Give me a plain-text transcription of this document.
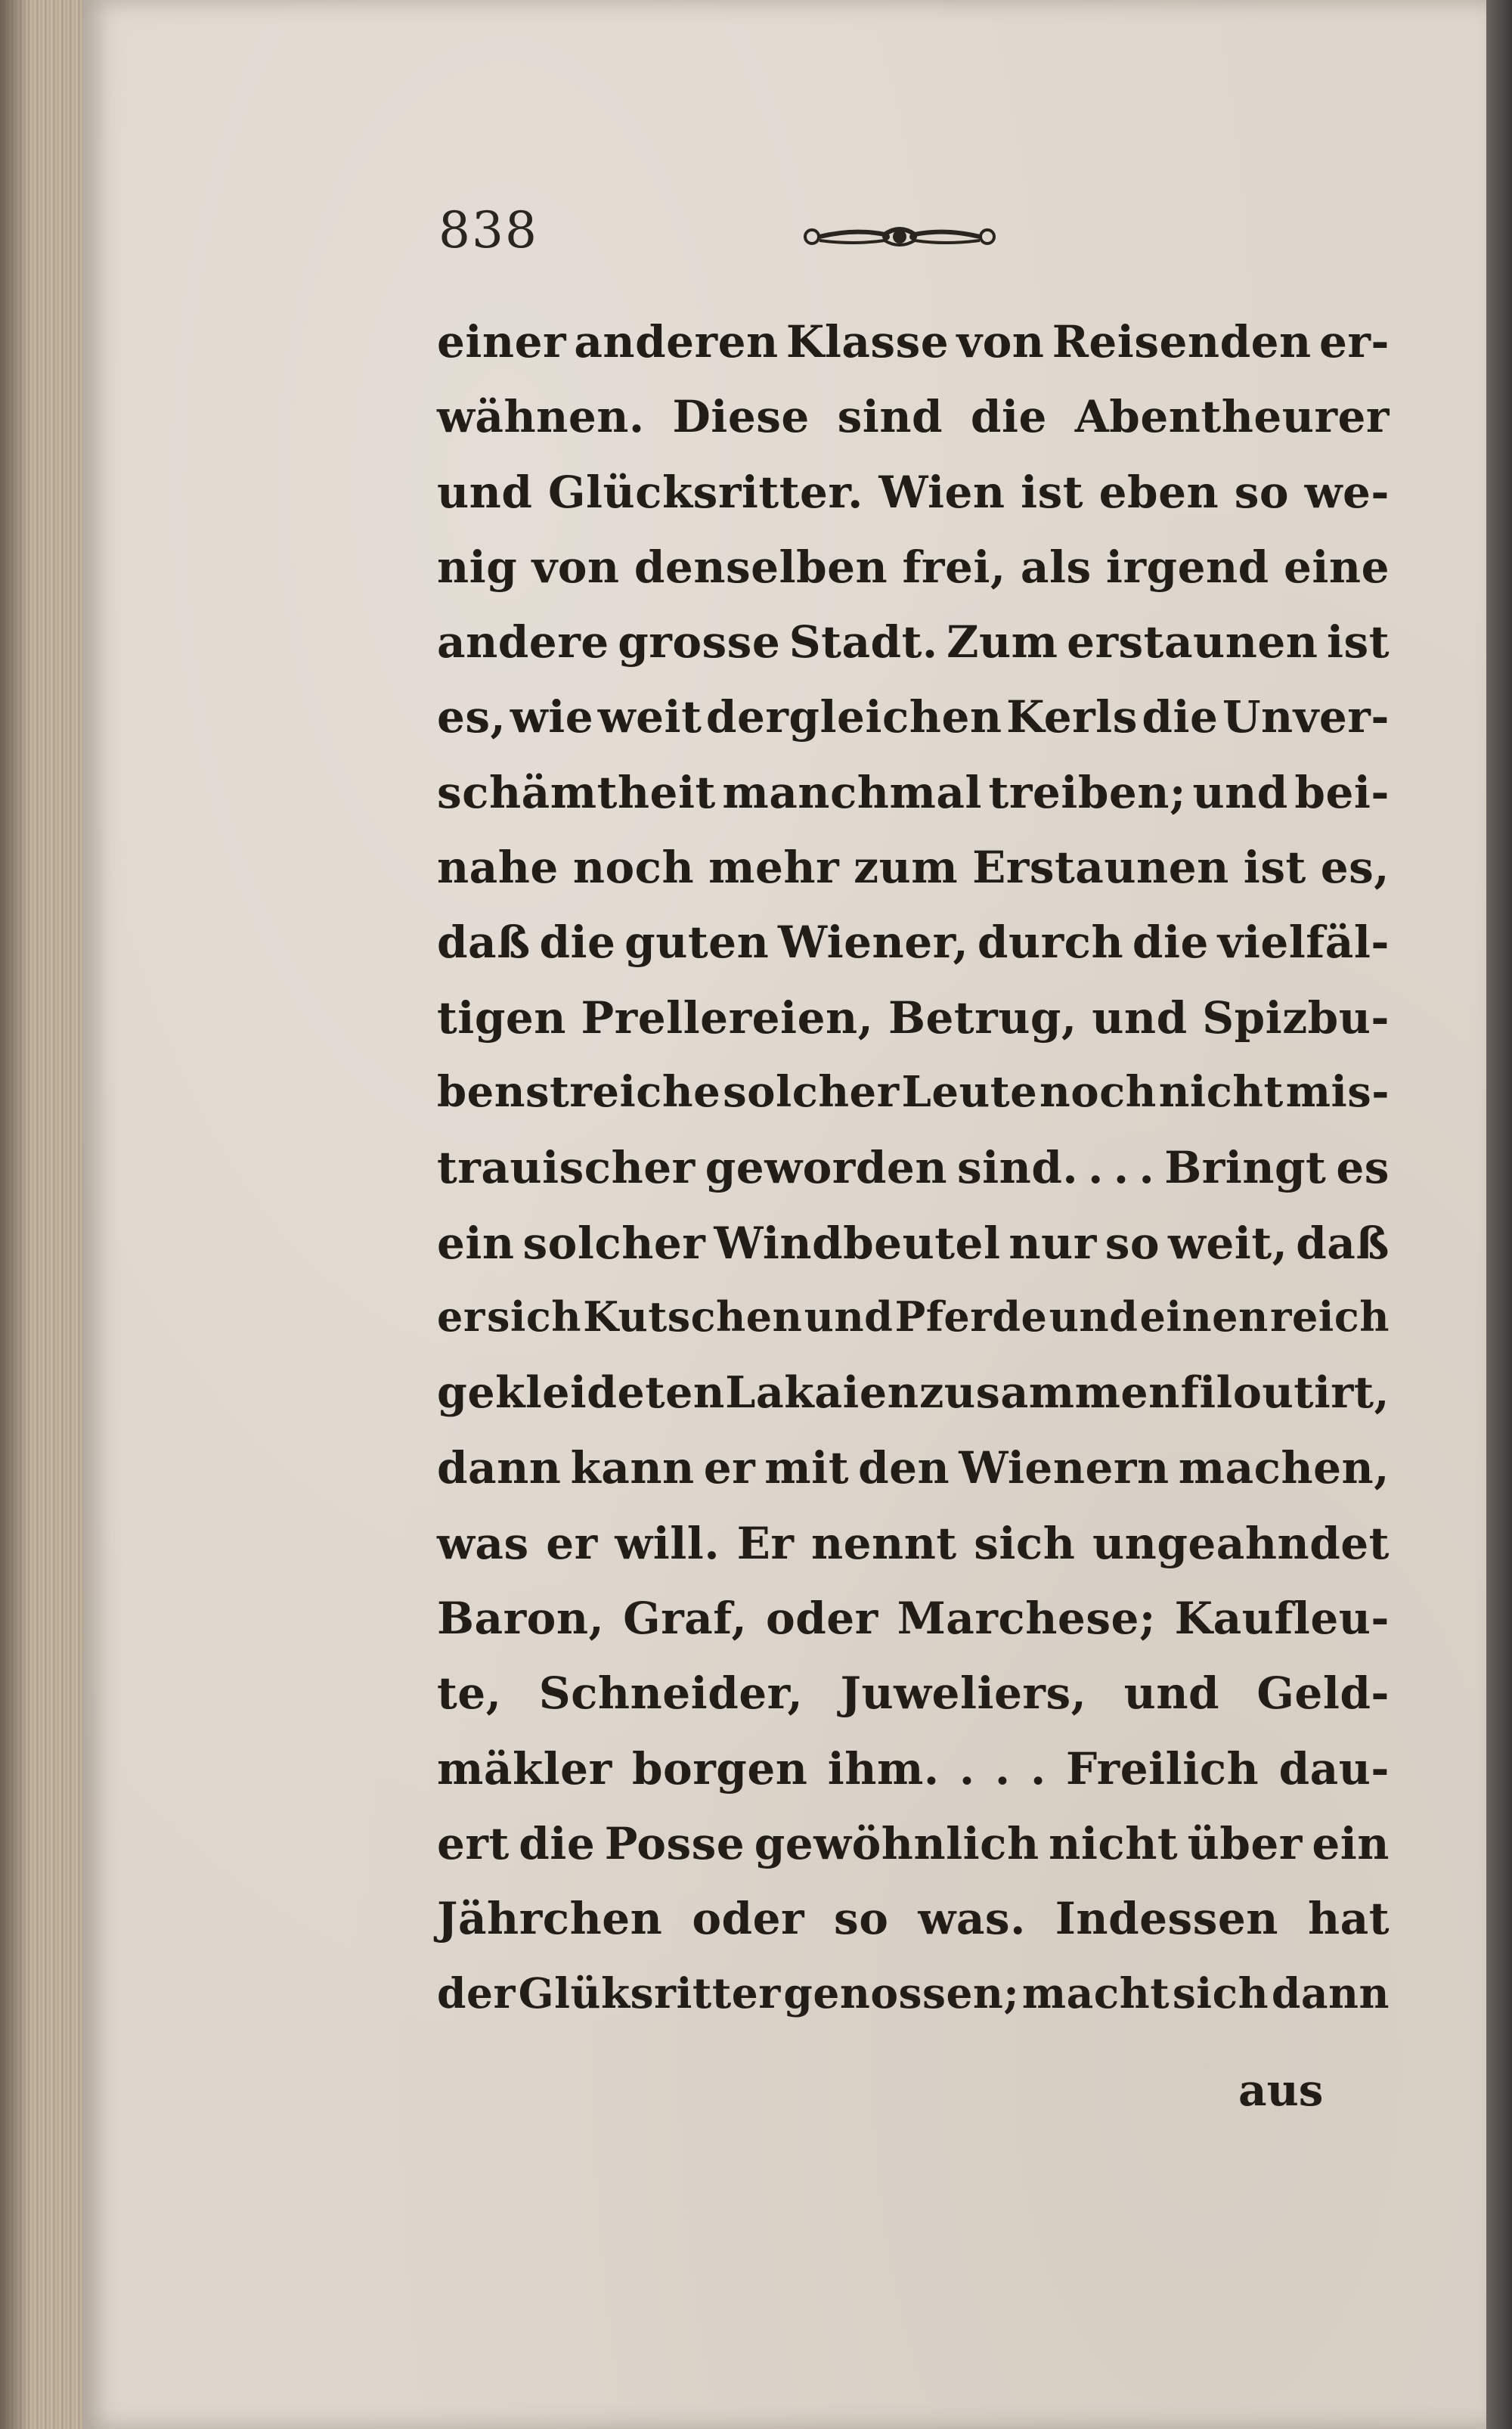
838
einer anderen Klasse von Reisenden er-
wähnen. Diese sind die Abentheurer
und Glücksritter. Wien ist eben so we-
nig von denselben frei, als irgend eine
andere grosse Stadt. Zum erstaunen ist
es, wie weit dergleichen Kerls die Unver-
schämtheit manchmal treiben; und bei-
nahe noch mehr zum Erstaunen ist es,
daß die guten Wiener, durch die vielfäl-
tigen Prellereien, Betrug, und Spizbu-
benstreiche solcher Leute noch nicht mis-
trauischer geworden sind. . . . Bringt es
ein solcher Windbeutel nur so weit, daß
er sich Kutschen und Pferde und einen reich
gekleideten Lakaien zusammen filoutirt,
dann kann er mit den Wienern machen,
was er will. Er nennt sich ungeahndet
Baron, Graf, oder Marchese; Kaufleu-
te, Schneider, Juweliers, und Geld-
mäkler borgen ihm. . . . Freilich dau-
ert die Posse gewöhnlich nicht über ein
Jährchen oder so was. Indessen hat
der Glüksritter genossen; macht sich dann
aus
